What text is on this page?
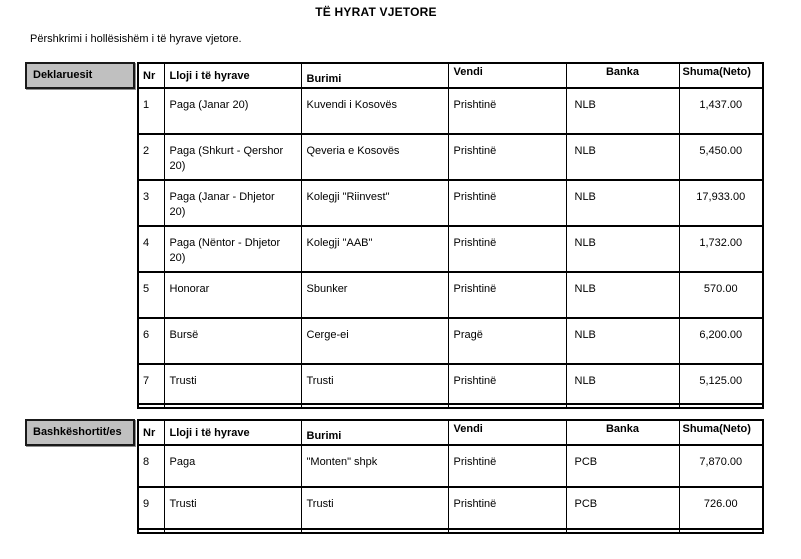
TË HYRAT VJETORE
Përshkrimi i hollësishëm i të hyrave vjetore.
Deklaruesit	Nr	Lloji i të hyrave	Burimi	Vendi	Banka	Shuma(Neto)
1	Paga (Janar 20)	Kuvendi i Kosovës	Prishtinë	NLB	1,437.00
2	Paga (Shkurt - Qershor 20)	Qeveria e Kosovës	Prishtinë	NLB	5,450.00
3	Paga (Janar - Dhjetor 20)	Kolegji "Riinvest"	Prishtinë	NLB	17,933.00
4	Paga (Nëntor - Dhjetor 20)	Kolegji "AAB"	Prishtinë	NLB	1,732.00
5	Honorar	Sbunker	Prishtinë	NLB	570.00
6	Bursë	Cerge-ei	Pragë	NLB	6,200.00
7	Trusti	Trusti	Prishtinë	NLB	5,125.00

Bashkëshortit/es	Nr	Lloji i të hyrave	Burimi	Vendi	Banka	Shuma(Neto)
8	Paga	"Monten" shpk	Prishtinë	PCB	7,870.00
9	Trusti	Trusti	Prishtinë	PCB	726.00
